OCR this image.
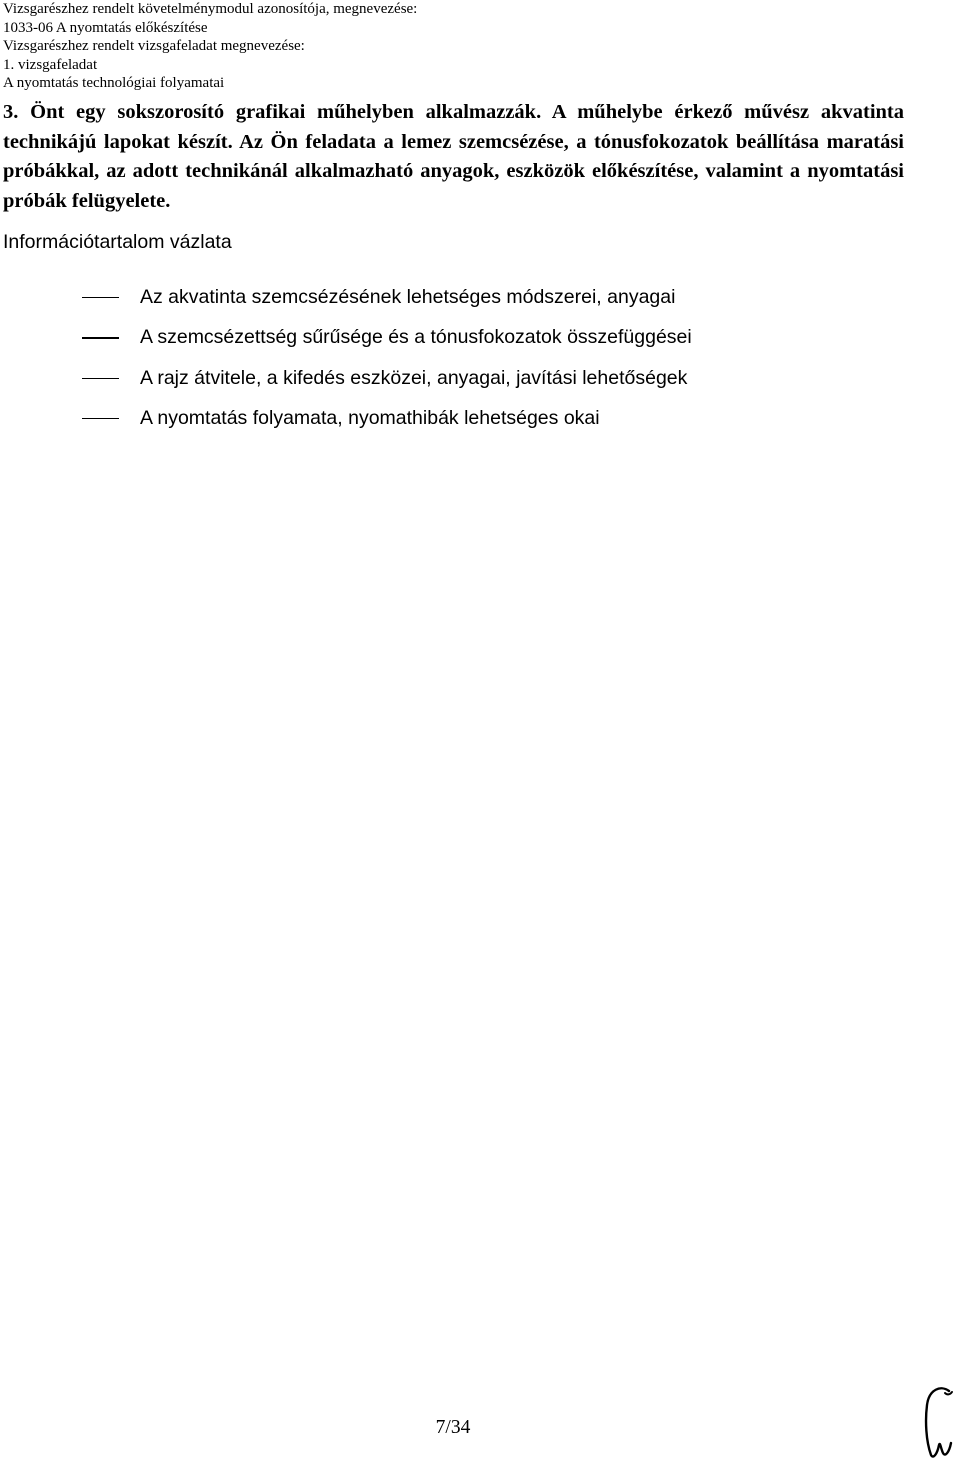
Vizsgarészhez rendelt követelménymodul azonosítója, megnevezése:
1033-06 A nyomtatás előkészítése
Vizsgarészhez rendelt vizsgafeladat megnevezése:
1. vizsgafeladat
A nyomtatás technológiai folyamatai

3. Önt egy sokszorosító grafikai műhelyben alkalmazzák. A műhelybe érkező művész akvatinta technikájú lapokat készít. Az Ön feladata a lemez szemcsézése, a tónusfokozatok beállítása maratási próbákkal, az adott technikánál alkalmazható anyagok, eszközök előkészítése, valamint a nyomtatási próbák felügyelete.

Információtartalom vázlata

Az akvatinta szemcsézésének lehetséges módszerei, anyagai
A szemcsézettség sűrűsége és a tónusfokozatok összefüggései
A rajz átvitele, a kifedés eszközei, anyagai, javítási lehetőségek
A nyomtatás folyamata, nyomathibák lehetséges okai

7/34
